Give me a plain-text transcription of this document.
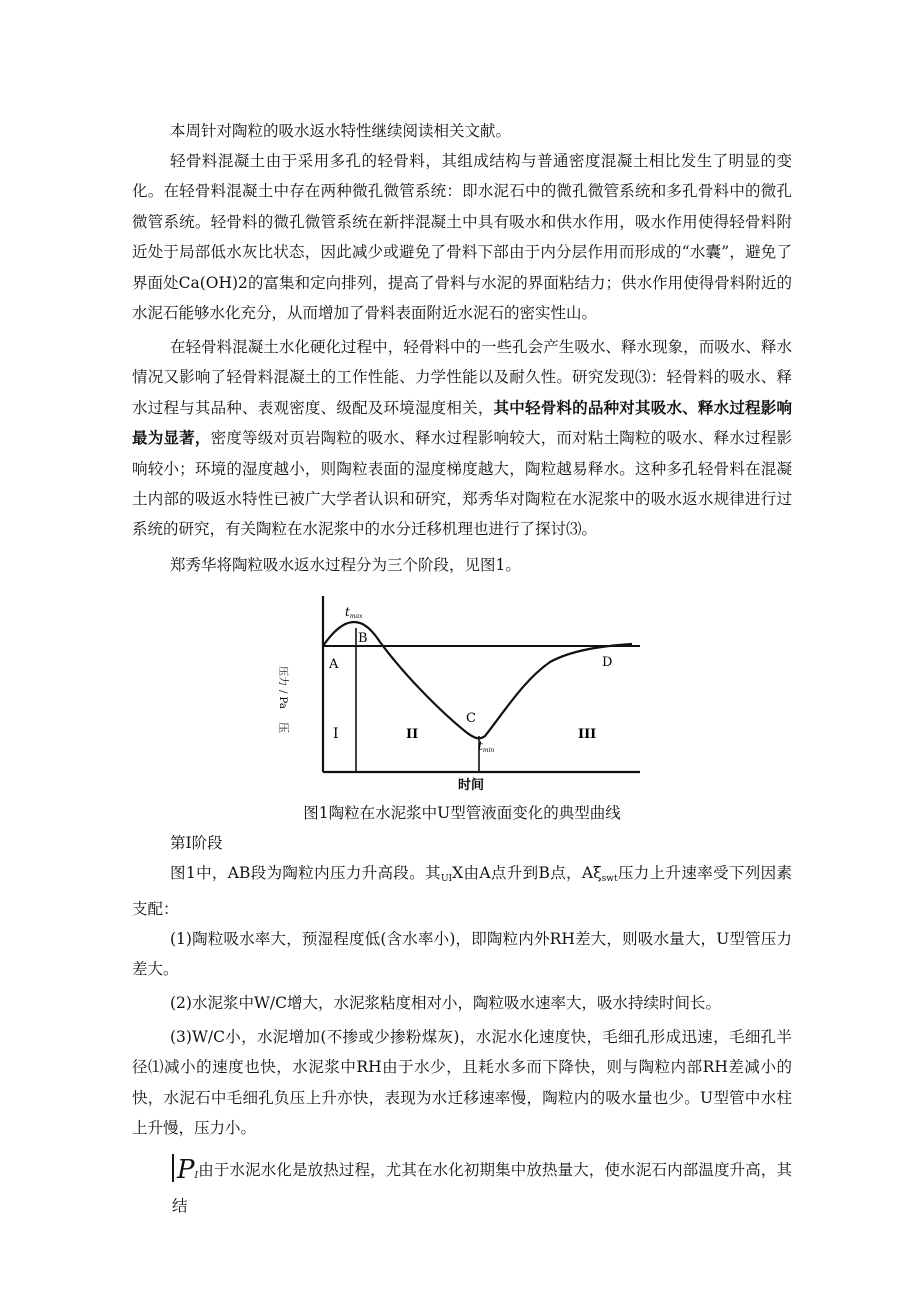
本周针对陶粒的吸水返水特性继续阅读相关文献。

轻骨料混凝土由于采用多孔的轻骨料，其组成结构与普通密度混凝土相比发生了明显的变化。在轻骨料混凝土中存在两种微孔微管系统：即水泥石中的微孔微管系统和多孔骨料中的微孔微管系统。轻骨料的微孔微管系统在新拌混凝土中具有吸水和供水作用，吸水作用使得轻骨料附近处于局部低水灰比状态，因此减少或避免了骨料下部由于内分层作用而形成的“水囊”，避免了界面处Ca(OH)2的富集和定向排列，提高了骨料与水泥的界面粘结力；供水作用使得骨料附近的水泥石能够水化充分，从而增加了骨料表面附近水泥石的密实性山。

在轻骨料混凝土水化硬化过程中，轻骨料中的一些孔会产生吸水、释水现象，而吸水、释水情况又影响了轻骨料混凝土的工作性能、力学性能以及耐久性。研究发现⑶：轻骨料的吸水、释水过程与其品种、表观密度、级配及环境湿度相关，其中轻骨料的品种对其吸水、释水过程影响最为显著，密度等级对页岩陶粒的吸水、释水过程影响较大，而对粘土陶粒的吸水、释水过程影响较小；环境的湿度越小，则陶粒表面的湿度梯度越大，陶粒越易释水。这种多孔轻骨料在混凝土内部的吸返水特性已被广大学者认识和研究，郑秀华对陶粒在水泥浆中的吸水返水规律进行过系统的研究，有关陶粒在水泥浆中的水分迁移机理也进行了探讨⑶。

郑秀华将陶粒吸水返水过程分为三个阶段，见图1。

tmax
B
A
C
D
tmin
I	II	III
时间
压力
/ Pa
压
图1陶粒在水泥浆中U型管液面变化的典型曲线

第I阶段

图1中，AB段为陶粒内压力升高段。其$_{UI}$X由A点升到B点，$A\xi_{swt}$压力上升速率受下列因素支配：

(1)陶粒吸水率大，预湿程度低(含水率小)，即陶粒内外RH差大，则吸水量大，U型管压力差大。

(2)水泥浆中W/C增大，水泥浆粘度相对小，陶粒吸水速率大，吸水持续时间长。

(3)W/C小，水泥增加(不掺或少掺粉煤灰)，水泥水化速度快，毛细孔形成迅速，毛细孔半径⑴减小的速度也快，水泥浆中RH由于水少，且耗水多而下降快，则与陶粒内部RH差减小的快，水泥石中毛细孔负压上升亦快，表现为水迁移速率慢，陶粒内的吸水量也少。U型管中水柱上升慢，压力小。

$P_I$由于水泥水化是放热过程，尤其在水化初期集中放热量大，使水泥石内部温度升高，其结
